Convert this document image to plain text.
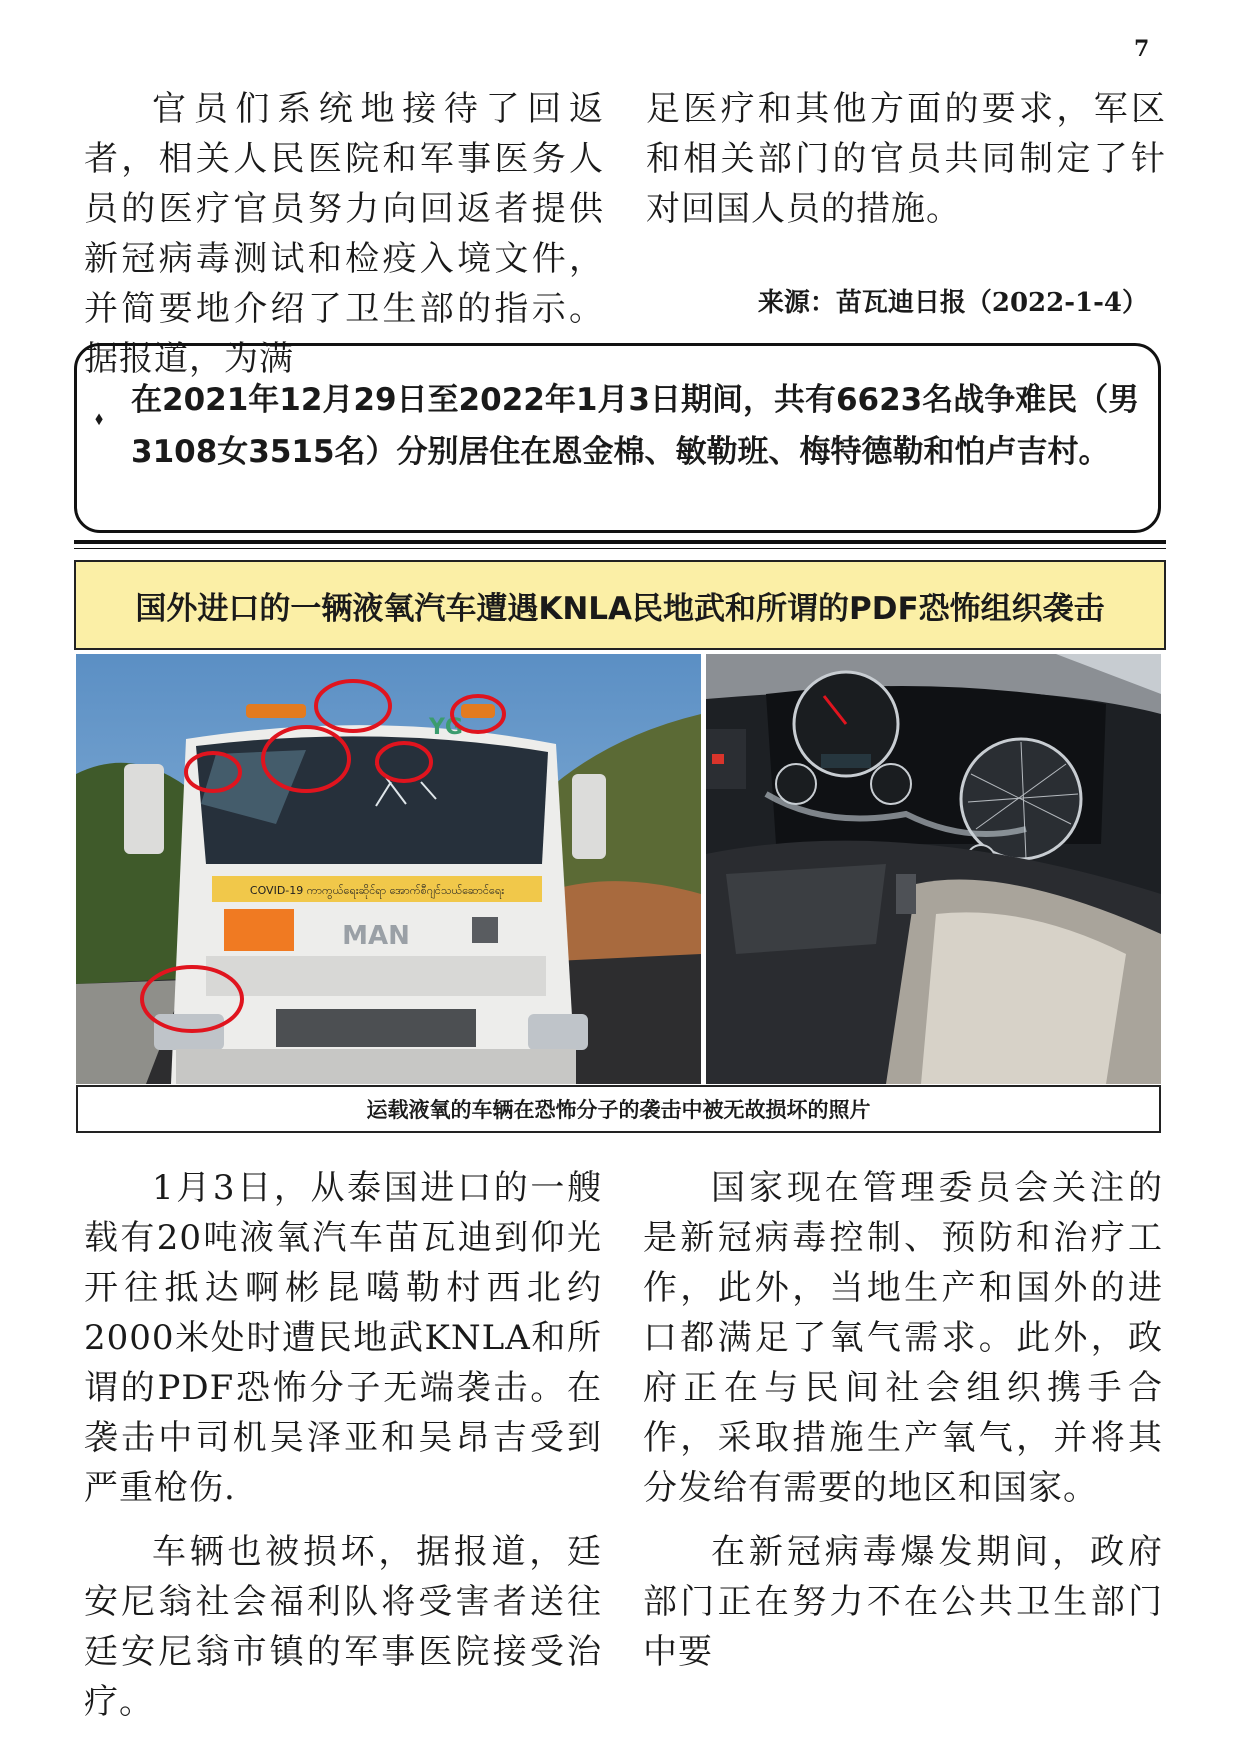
7

官员们系统地接待了回返者，相关人民医院和军事医务人员的医疗官员努力向回返者提供新冠病毒测试和检疫入境文件，并简要地介绍了卫生部的指示。据报道，为满

足医疗和其他方面的要求，军区和相关部门的官员共同制定了针对回国人员的措施。

来源：苗瓦迪日报（2022-1-4）
⬧
在2021年12月29日至2022年1月3日期间，共有6623名战争难民（男3108女3515名）分别居住在恩金棉、敏勒班、梅特德勒和怕卢吉村。
国外进口的一辆液氧汽车遭遇KNLA民地武和所谓的PDF恐怖组织袭击
COVID-19 ကာကွယ်ရေးဆိုင်ရာ အောက်စီဂျင်သယ်ဆောင်ရေး
MAN
YG
运载液氧的车辆在恐怖分子的袭击中被无故损坏的照片

1月3日，从泰国进口的一艘载有20吨液氧汽车苗瓦迪到仰光开往抵达啊彬昆噶勒村西北约2000米处时遭民地武KNLA和所谓的PDF恐怖分子无端袭击。在袭击中司机吴泽亚和吴昂吉受到严重枪伤.

车辆也被损坏，据报道，廷安尼翁社会福利队将受害者送往廷安尼翁市镇的军事医院接受治疗。

国家现在管理委员会关注的是新冠病毒控制、预防和治疗工作，此外，当地生产和国外的进口都满足了氧气需求。此外，政府正在与民间社会组织携手合作，采取措施生产氧气，并将其分发给有需要的地区和国家。

在新冠病毒爆发期间，政府部门正在努力不在公共卫生部门中要
